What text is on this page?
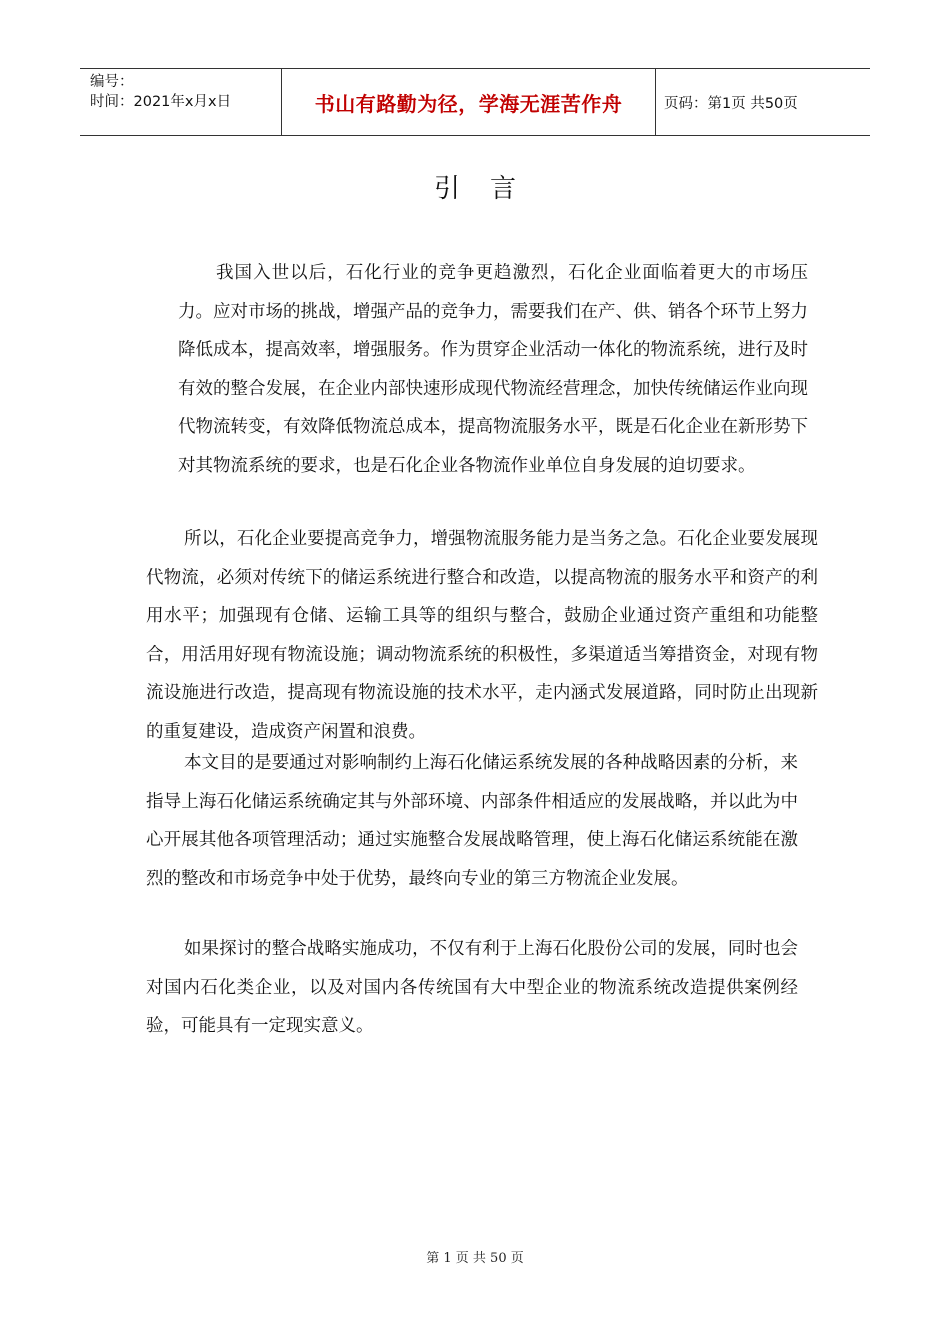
编号：
时间：2021年x月x日	书山有路勤为径，学海无涯苦作舟	页码：第1页 共50页
引言

我国入世以后，石化行业的竞争更趋激烈，石化企业面临着更大的市场压力。应对市场的挑战，增强产品的竞争力，需要我们在产、供、销各个环节上努力降低成本，提高效率，增强服务。作为贯穿企业活动一体化的物流系统，进行及时有效的整合发展，在企业内部快速形成现代物流经营理念，加快传统储运作业向现代物流转变，有效降低物流总成本，提高物流服务水平，既是石化企业在新形势下对其物流系统的要求，也是石化企业各物流作业单位自身发展的迫切要求。

所以，石化企业要提高竞争力，增强物流服务能力是当务之急。石化企业要发展现代物流，必须对传统下的储运系统进行整合和改造，以提高物流的服务水平和资产的利用水平；加强现有仓储、运输工具等的组织与整合，鼓励企业通过资产重组和功能整合，用活用好现有物流设施；调动物流系统的积极性，多渠道适当筹措资金，对现有物流设施进行改造，提高现有物流设施的技术水平，走内涵式发展道路，同时防止出现新的重复建设，造成资产闲置和浪费。

本文目的是要通过对影响制约上海石化储运系统发展的各种战略因素的分析，来指导上海石化储运系统确定其与外部环境、内部条件相适应的发展战略，并以此为中心开展其他各项管理活动；通过实施整合发展战略管理，使上海石化储运系统能在激烈的整改和市场竞争中处于优势，最终向专业的第三方物流企业发展。

如果探讨的整合战略实施成功，不仅有利于上海石化股份公司的发展，同时也会对国内石化类企业，以及对国内各传统国有大中型企业的物流系统改造提供案例经验，可能具有一定现实意义。

第 1 页 共 50 页
